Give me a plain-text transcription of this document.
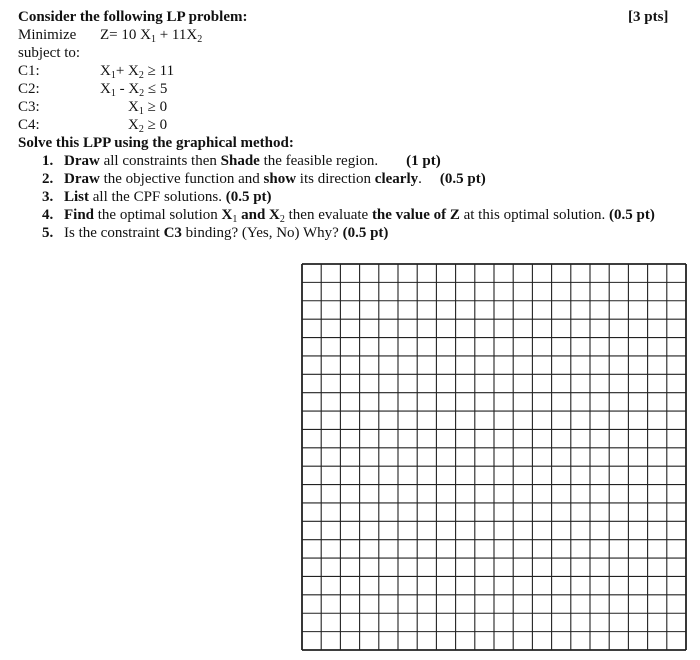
Consider the following LP problem:	[3 pts]
Minimize Z= 10 $X_1 + 11X_2$
subject to:
C1:	$X_1+ X_2 \ge 11$
C2:	$X_1 - X_2 \le 5$
C3:	$X_1 \ge 0$
C4:	$X_2 \ge 0$
Solve this LPP using the graphical method:
1. Draw all constraints then Shade the feasible region. (1 pt)
2. Draw the objective function and show its direction clearly. (0.5 pt)
3. List all the CPF solutions. (0.5 pt)
4. Find the optimal solution $X_1$ and $X_2$ then evaluate the value of Z at this optimal solution. (0.5 pt)
5. Is the constraint C3 binding? (Yes, No) Why? (0.5 pt)
